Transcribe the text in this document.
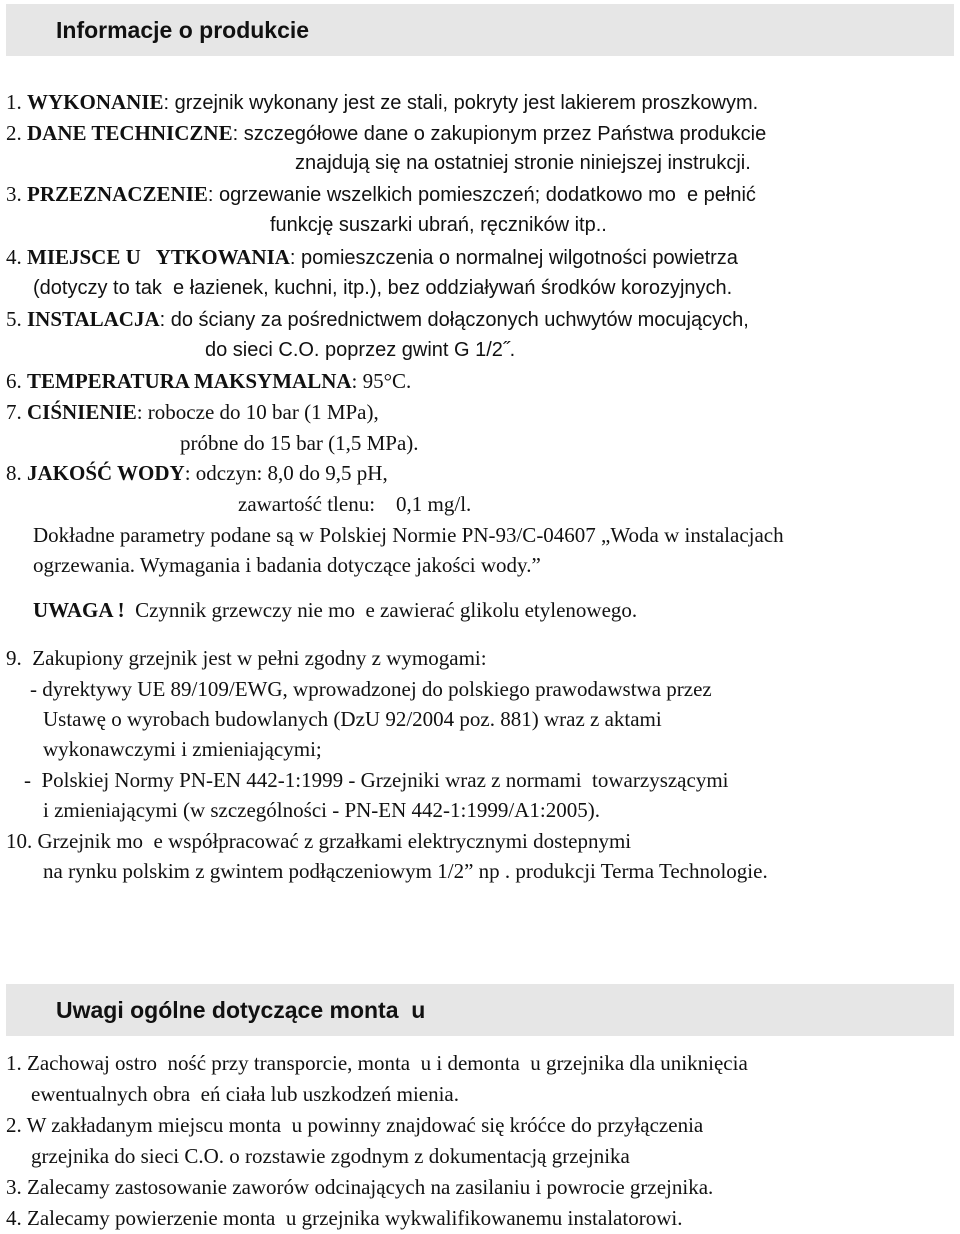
Informacje o produkcie
1. WYKONANIE: grzejnik wykonany jest ze stali, pokryty jest lakierem proszkowym.
2. DANE TECHNICZNE: szczegółowe dane o zakupionym przez Państwa produkcie
znajdują się na ostatniej stronie niniejszej instrukcji.
3. PRZEZNACZENIE: ogrzewanie wszelkich pomieszczeń; dodatkowo mo  e pełnić
funkcję suszarki ubrań, ręczników itp..
4. MIEJSCE U   YTKOWANIA: pomieszczenia o normalnej wilgotności powietrza
(dotyczy to tak  e łazienek, kuchni, itp.), bez oddziaływań środków korozyjnych.
5. INSTALACJA: do ściany za pośrednictwem dołączonych uchwytów mocujących,
do sieci C.O. poprzez gwint G 1/2˝.
6. TEMPERATURA MAKSYMALNA: 95°C.
7. CIŚNIENIE: robocze do 10 bar (1 MPa),
próbne do 15 bar (1,5 MPa).
8. JAKOŚĆ WODY: odczyn: 8,0 do 9,5 pH,
zawartość tlenu:    0,1 mg/l.
Dokładne parametry podane są w Polskiej Normie PN-93/C-04607 „Woda w instalacjach
ogrzewania. Wymagania i badania dotyczące jakości wody.”
UWAGA ! Czynnik grzewczy nie mo  e zawierać glikolu etylenowego.
9.  Zakupiony grzejnik jest w pełni zgodny z wymogami:
- dyrektywy UE 89/109/EWG, wprowadzonej do polskiego prawodawstwa przez
Ustawę o wyrobach budowlanych (DzU 92/2004 poz. 881) wraz z aktami
wykonawczymi i zmieniającymi;
-  Polskiej Normy PN-EN 442-1:1999 - Grzejniki wraz z normami  towarzyszącymi
i zmieniającymi (w szczególności - PN-EN 442-1:1999/A1:2005).
10. Grzejnik mo  e współpracować z grzałkami elektrycznymi dostepnymi
na rynku polskim z gwintem podłączeniowym 1/2” np . produkcji Terma Technologie.
Uwagi ogólne dotyczące monta  u
1. Zachowaj ostro  ność przy transporcie, monta  u i demonta  u grzejnika dla uniknięcia
ewentualnych obra  eń ciała lub uszkodzeń mienia.
2. W zakładanym miejscu monta  u powinny znajdować się króćce do przyłączenia
grzejnika do sieci C.O. o rozstawie zgodnym z dokumentacją grzejnika
3. Zalecamy zastosowanie zaworów odcinających na zasilaniu i powrocie grzejnika.
4. Zalecamy powierzenie monta  u grzejnika wykwalifikowanemu instalatorowi.
